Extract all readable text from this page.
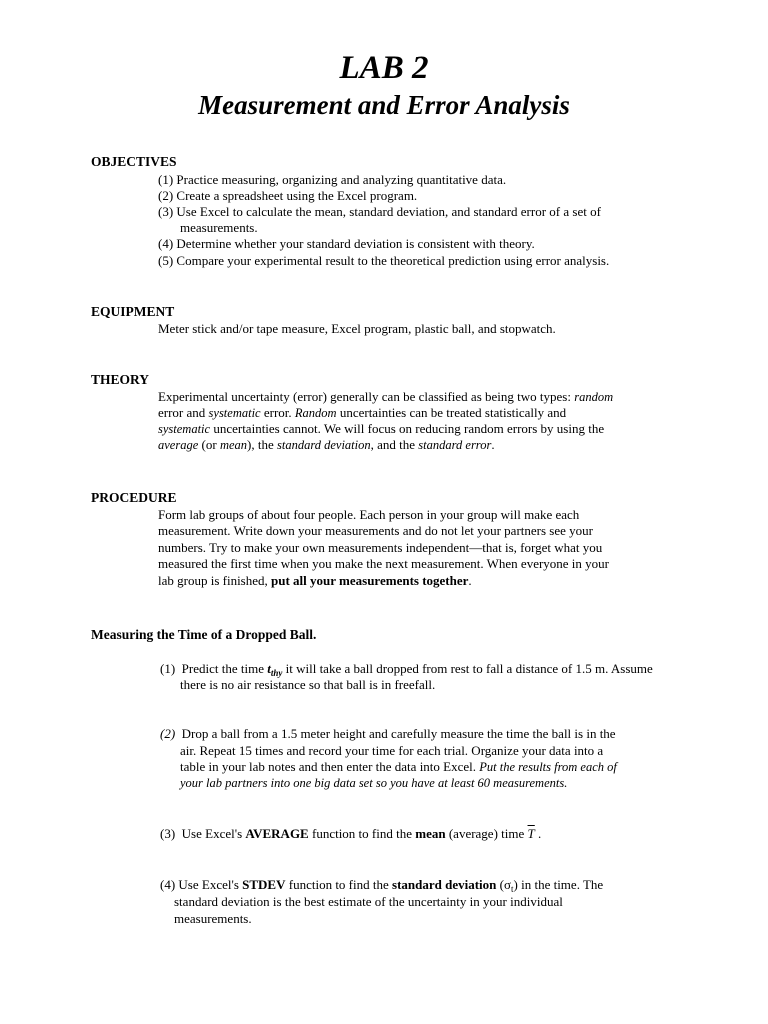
LAB 2
Measurement and Error Analysis
OBJECTIVES
(1) Practice measuring, organizing and analyzing quantitative data.
(2) Create a spreadsheet using the Excel program.
(3) Use Excel to calculate the mean, standard deviation, and standard error of a set of
measurements.
(4) Determine whether your standard deviation is consistent with theory.
(5) Compare your experimental result to the theoretical prediction using error analysis.
EQUIPMENT
Meter stick and/or tape measure, Excel program, plastic ball, and stopwatch.
THEORY
Experimental uncertainty (error) generally can be classified as being two types: random
error and systematic error. Random uncertainties can be treated statistically and
systematic uncertainties cannot. We will focus on reducing random errors by using the
average (or mean), the standard deviation, and the standard error.
PROCEDURE
Form lab groups of about four people. Each person in your group will make each
measurement. Write down your measurements and do not let your partners see your
numbers. Try to make your own measurements independent—that is, forget what you
measured the first time when you make the next measurement. When everyone in your
lab group is finished, put all your measurements together.
Measuring the Time of a Dropped Ball.
(1) Predict the time $t_{thy}$ it will take a ball dropped from rest to fall a distance of 1.5 m. Assume
there is no air resistance so that ball is in freefall.
(2) Drop a ball from a 1.5 meter height and carefully measure the time the ball is in the
air. Repeat 15 times and record your time for each trial. Organize your data into a
table in your lab notes and then enter the data into Excel. Put the results from each of
your lab partners into one big data set so you have at least 60 measurements.
(3) Use Excel's AVERAGE function to find the mean (average) time $\overline{T}$ .
(4) Use Excel's STDEV function to find the standard deviation $(\sigma_t)$ in the time. The
standard deviation is the best estimate of the uncertainty in your individual
measurements.
